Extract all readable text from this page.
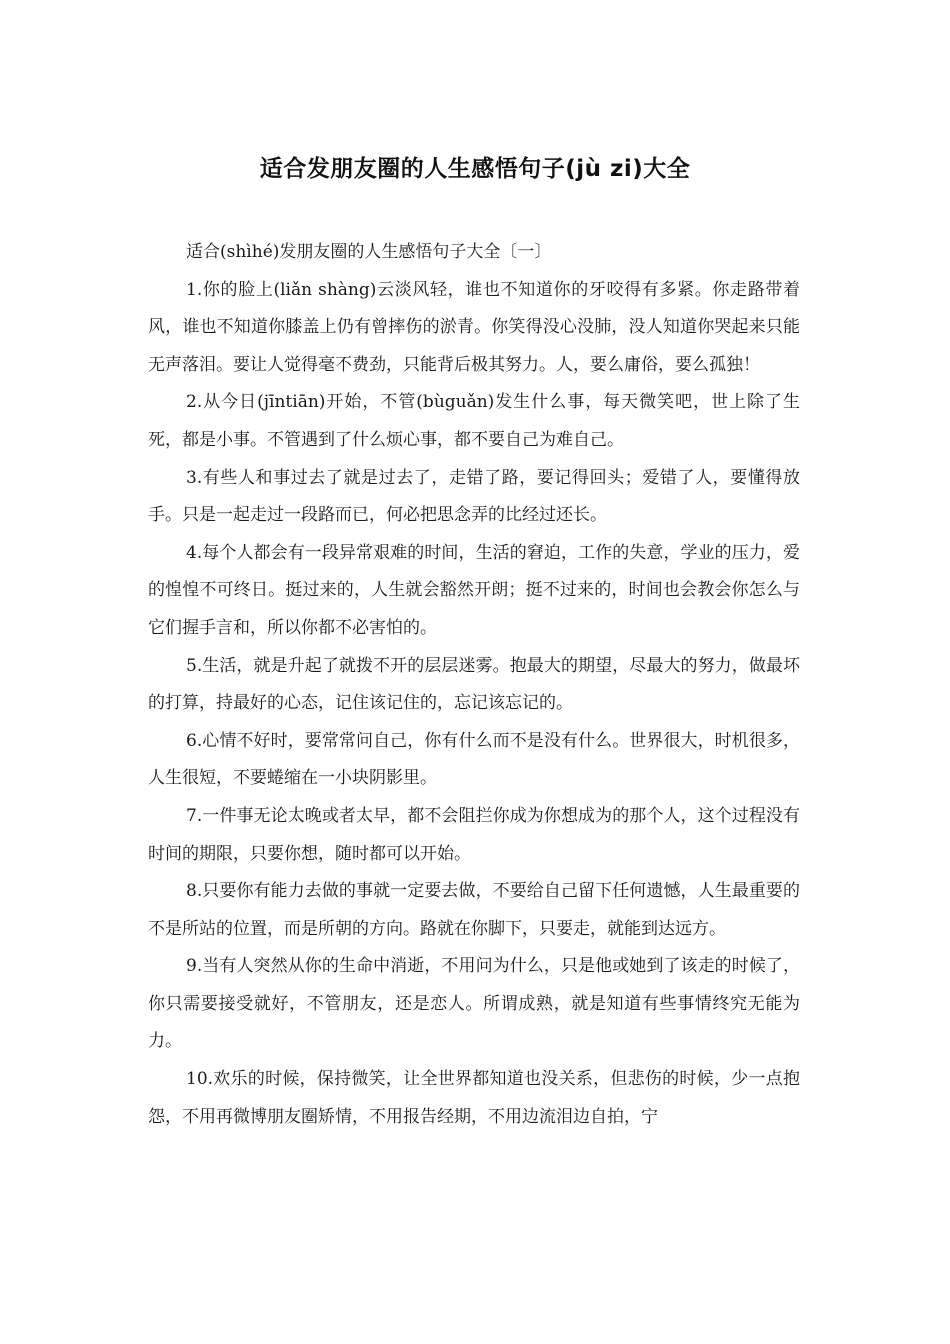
适合发朋友圈的人生感悟句子(jù zi)大全

适合(shìhé)发朋友圈的人生感悟句子大全〔一〕

1.你的脸上(liǎn shàng)云淡风轻，谁也不知道你的牙咬得有多紧。你走路带着风，谁也不知道你膝盖上仍有曾摔伤的淤青。你笑得没心没肺，没人知道你哭起来只能无声落泪。要让人觉得毫不费劲，只能背后极其努力。人，要么庸俗，要么孤独！

2.从今日(jīntiān)开始，不管(bùguǎn)发生什么事，每天微笑吧，世上除了生死，都是小事。不管遇到了什么烦心事，都不要自己为难自己。

3.有些人和事过去了就是过去了，走错了路，要记得回头；爱错了人，要懂得放手。只是一起走过一段路而已，何必把思念弄的比经过还长。

4.每个人都会有一段异常艰难的时间，生活的窘迫，工作的失意，学业的压力，爱的惶惶不可终日。挺过来的，人生就会豁然开朗；挺不过来的，时间也会教会你怎么与它们握手言和，所以你都不必害怕的。

5.生活，就是升起了就拨不开的层层迷雾。抱最大的期望，尽最大的努力，做最坏的打算，持最好的心态，记住该记住的，忘记该忘记的。

6.心情不好时，要常常问自己，你有什么而不是没有什么。世界很大，时机很多，人生很短，不要蜷缩在一小块阴影里。

7.一件事无论太晚或者太早，都不会阻拦你成为你想成为的那个人，这个过程没有时间的期限，只要你想，随时都可以开始。

8.只要你有能力去做的事就一定要去做，不要给自己留下任何遗憾，人生最重要的不是所站的位置，而是所朝的方向。路就在你脚下，只要走，就能到达远方。

9.当有人突然从你的生命中消逝，不用问为什么，只是他或她到了该走的时候了，你只需要接受就好，不管朋友，还是恋人。所谓成熟，就是知道有些事情终究无能为力。

10.欢乐的时候，保持微笑，让全世界都知道也没关系，但悲伤的时候，少一点抱怨，不用再微博朋友圈矫情，不用报告经期，不用边流泪边自拍，宁
